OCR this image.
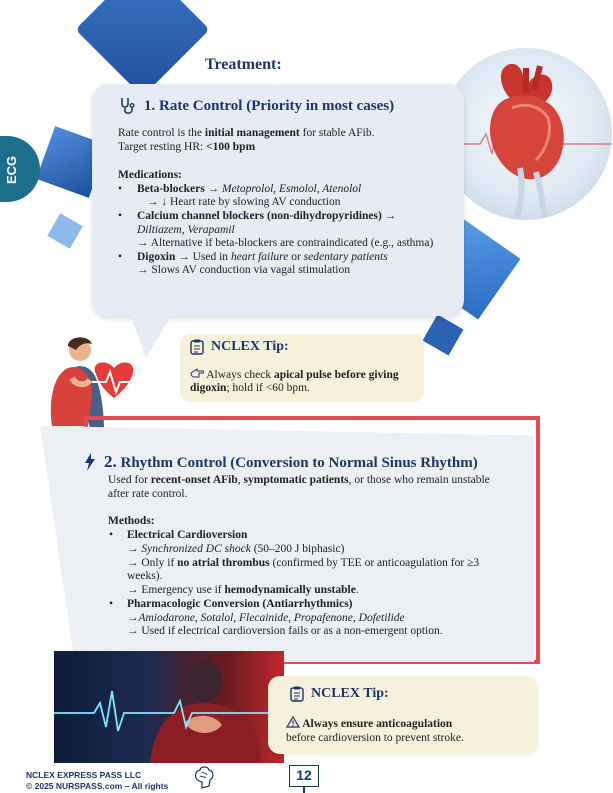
ECG
Treatment:
1. Rate Control (Priority in most cases)
Rate control is the initial management for stable AFib.
Target resting HR: <100 bpm
Medications:
• Beta-blockers → Metoprolol, Esmolol, Atenolol
→ ↓ Heart rate by slowing AV conduction
• Calcium channel blockers (non-dihydropyridines) →
Diltiazem, Verapamil
→ Alternative if beta-blockers are contraindicated (e.g., asthma)
• Digoxin → Used in heart failure or sedentary patients
→ Slows AV conduction via vagal stimulation
NCLEX Tip:
Always check apical pulse before giving
digoxin; hold if <60 bpm.
2. Rhythm Control (Conversion to Normal Sinus Rhythm)
Used for recent-onset AFib, symptomatic patients, or those who remain unstable
after rate control.
Methods:
• Electrical Cardioversion
→ Synchronized DC shock (50–200 J biphasic)
→ Only if no atrial thrombus (confirmed by TEE or anticoagulation for ≥3
weeks).
→ Emergency use if hemodynamically unstable.
• Pharmacologic Conversion (Antiarrhythmics)
→Amiodarone, Sotalol, Flecainide, Propafenone, Dofetilide
→ Used if electrical cardioversion fails or as a non-emergent option.
NCLEX Tip:
Always ensure anticoagulation
before cardioversion to prevent stroke.
NCLEX EXPRESS PASS LLC
© 2025 NURSPASS.com – All rights
12
